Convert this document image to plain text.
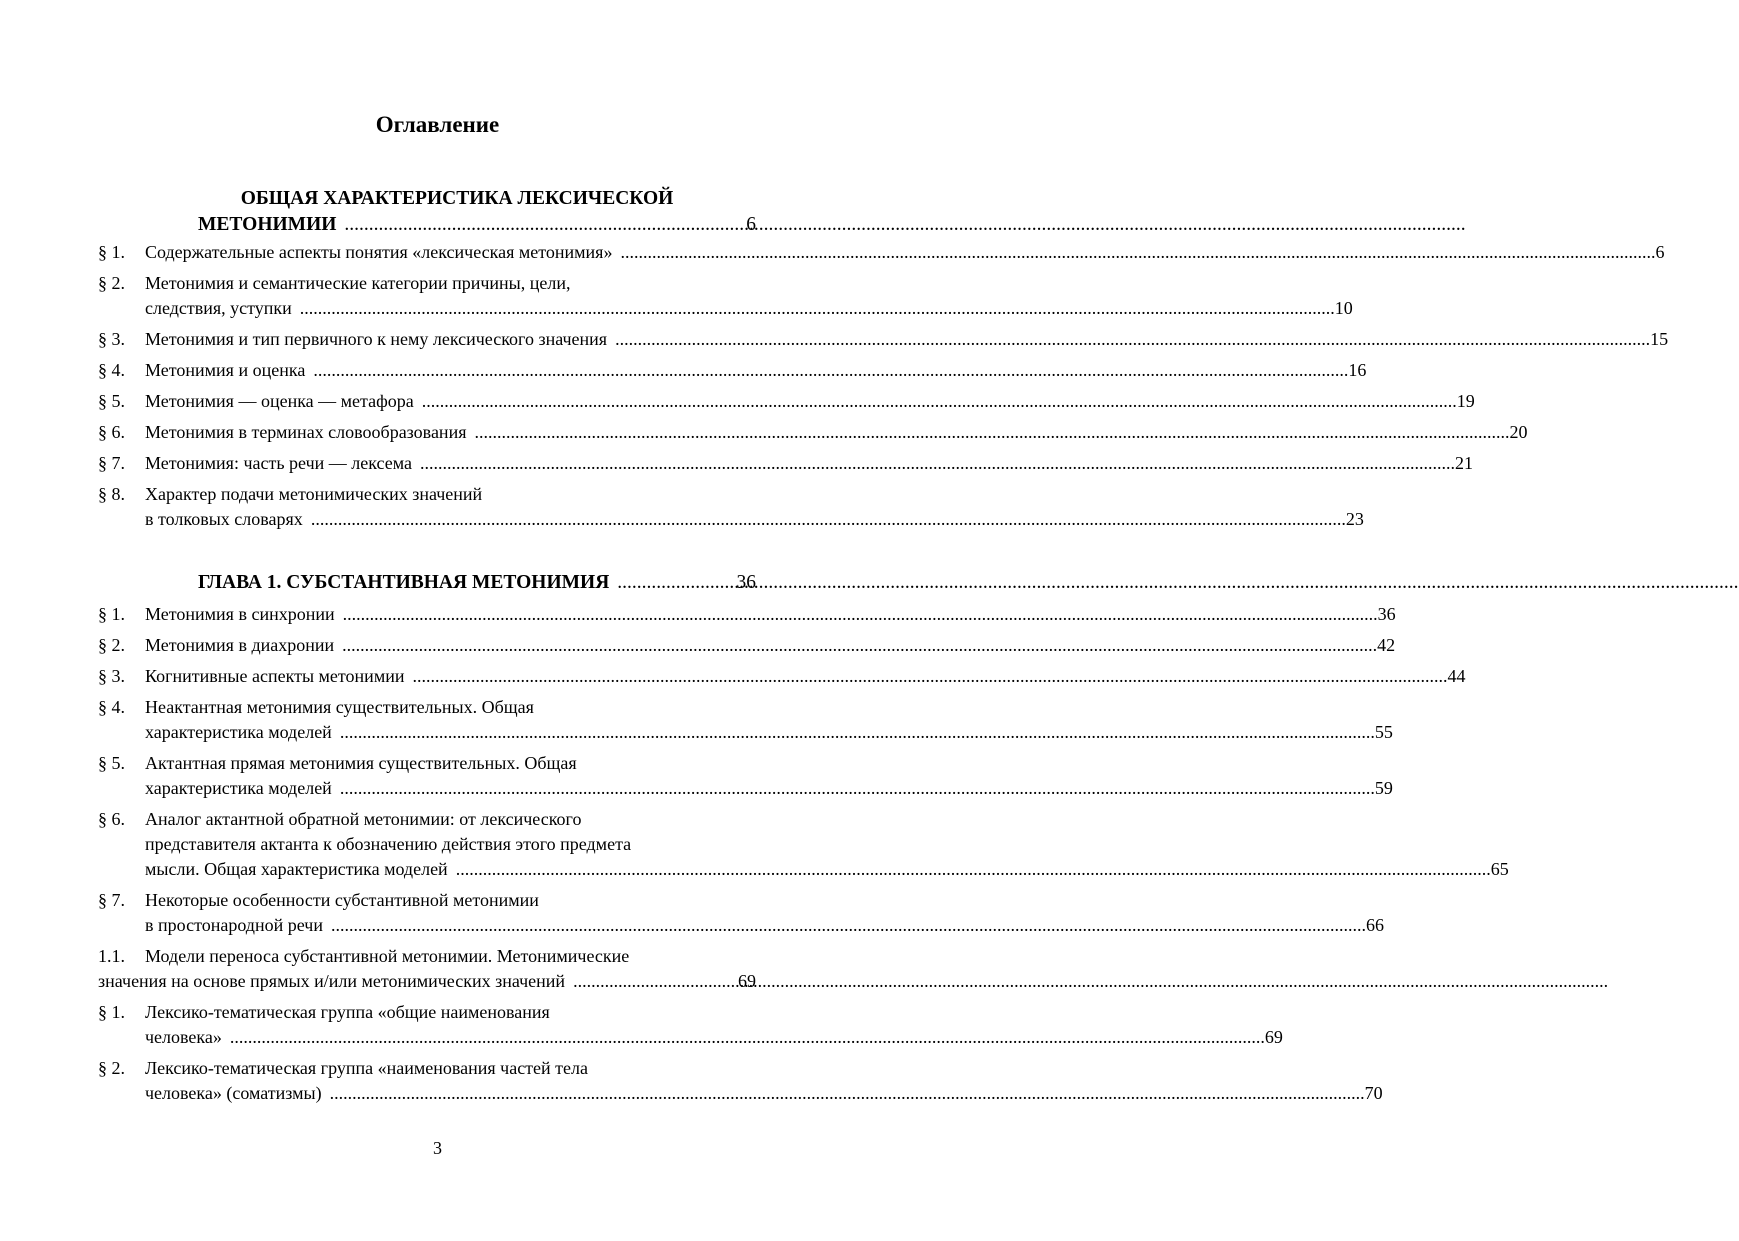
Оглавление
ОБЩАЯ ХАРАКТЕРИСТИКА ЛЕКСИЧЕСКОЙ
МЕТОНИМИИ .....	6
§ 1.	Содержательные аспекты понятия «лексическая метонимия» .....	6
§ 2.	Метонимия и семантические категории причины, цели,
следствия, уступки .....	10
§ 3.	Метонимия и тип первичного к нему лексического значения .....	15
§ 4.	Метонимия и оценка .....	16
§ 5.	Метонимия — оценка — метафора .....	19
§ 6.	Метонимия в терминах словообразования .....	20
§ 7.	Метонимия: часть речи — лексема .....	21
§ 8.	Характер подачи метонимических значений
в толковых словарях .....	23
ГЛАВА 1. СУБСТАНТИВНАЯ МЕТОНИМИЯ .....	36
§ 1.	Метонимия в синхронии .....	36
§ 2.	Метонимия в диахронии .....	42
§ 3.	Когнитивные аспекты метонимии .....	44
§ 4.	Неактантная метонимия существительных. Общая
характеристика моделей .....	55
§ 5.	Актантная прямая метонимия существительных. Общая
характеристика моделей .....	59
§ 6.	Аналог актантной обратной метонимии: от лексического
представителя актанта к обозначению действия этого предмета
мысли. Общая характеристика моделей .....	65
§ 7.	Некоторые особенности субстантивной метонимии
в простонародной речи .....	66
1.1.	Модели переноса субстантивной метонимии. Метонимические
значения на основе прямых и/или метонимических значений .....	69
§ 1.	Лексико-тематическая группа «общие наименования
человека» .....	69
§ 2.	Лексико-тематическая группа «наименования частей тела
человека» (соматизмы) .....	70
3
